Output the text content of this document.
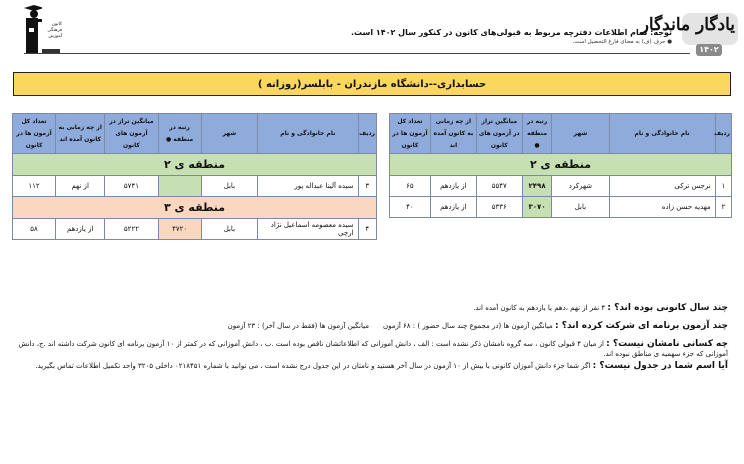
کانون
فرهنگی
آموزش	توجه: تمام اطلاعات دفترچه مربوط به قبولی‌های کانون در کنکور سال ۱۴۰۲ است.
● حرف (ف) به معنای فارغ التحصیل است.
یادگار ماندگار
۱۴۰۲
حسابداری--دانشگاه مازندران - بابلسر(روزانه )
ردیف	نام خانوادگی و نام	شهر	رتبه در منطقه ●	میانگین تراز در آزمون های کانون	از چه زمانی به کانون آمده اند	تعداد کل آزمون ها در کانون
منطقه ی ۲						
۱	نرجس ترکی	شهرکرد	۲۴۹۸	۵۵۴۷	از یازدهم	۶۵
۲	مهدیه حسن زاده	بابل	۳۰۷۰	۵۳۳۶	از یازدهم	۴۰
ردیف	نام خانوادگی و نام	شهر	رتبه در منطقه ●	میانگین تراز در آزمون های کانون	از چه زمانی به کانون آمده اند	تعداد کل آزمون ها در کانون
منطقه ی ۲						
۳	سیده آلینا عبداله پور	بابل		۵۷۴۱	از نهم	۱۱۲
منطقه ی ۳						
۴	سیده معصومه اسماعیل نژاد ارچی	بابل	۴۷۲۰	۵۲۲۲	از یازدهم	۵۸

چند سال کانونی بوده اند؟ : ۴ نفر از نهم ،دهم یا یازدهم به کانون آمده اند.

چند آزمون برنامه ای شرکت کرده اند؟ : میانگین آزمون ها (در مجموع چند سال حضور ) : ۶۸ آزمونمیانگین آزمون ها (فقط در سال آخر) : ۲۳ آزمون

چه کسانی نامشان نیست؟ : از میان ۴ قبولی کانون ، سه گروه نامشان ذکر نشده است : الف ، دانش آموزانی که اطلاعاتشان ناقص بوده است .ب ، دانش آموزانی که در کمتر از ۱۰ آزمون برنامه ای کانون شرکت داشته اند .ج، دانش آموزانی که جزء سهمیه ی مناطق نبوده اند.

آیا اسم شما در جدول نیست؟ : اگر شما جزء دانش آموزان کانونی با بیش از ۱۰ آزمون در سال آخر هستید و نامتان در این جدول درج نشده است ، می توانید با شماره ۰۲۱۸۴۵۱ داخلی ۳۲۰۵ واحد تکمیل اطلاعات تماس بگیرید.
